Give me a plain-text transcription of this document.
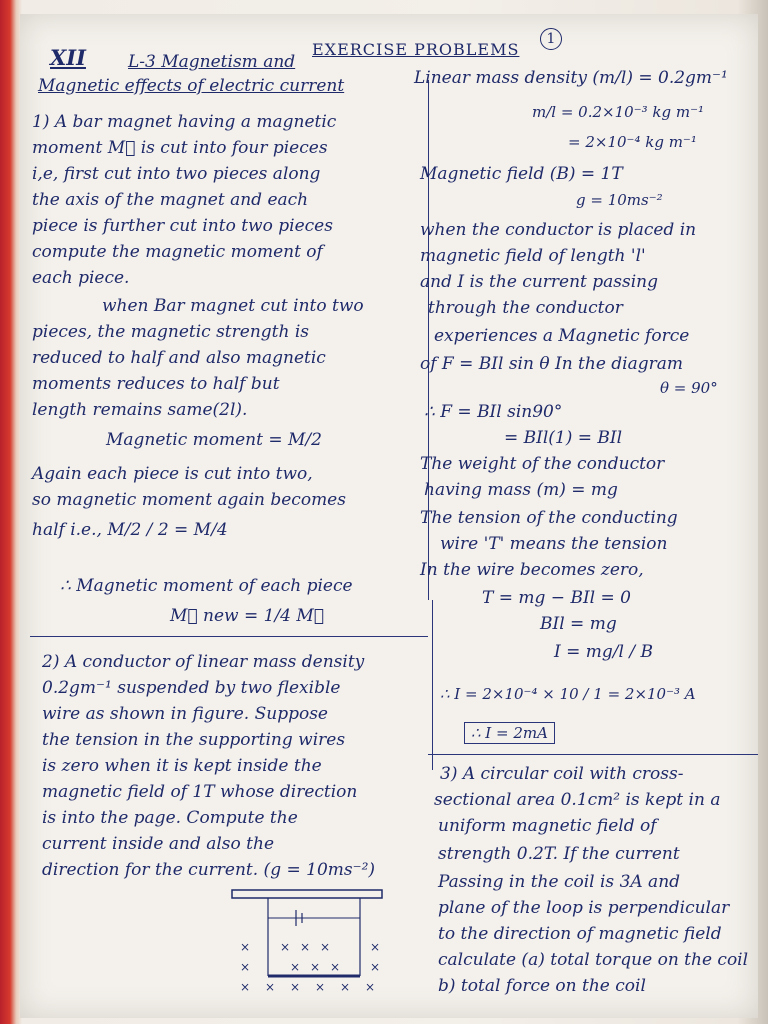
1
XII L-3 Magnetism and
EXERCISE PROBLEMS
Magnetic effects of electric current
1) A bar magnet having a magnetic
moment M⃗ is cut into four pieces
i,e, first cut into two pieces along
the axis of the magnet and each
piece is further cut into two pieces
compute the magnetic moment of
each piece.
when Bar magnet cut into two
pieces, the magnetic strength is
reduced to half and also magnetic
moments reduces to half but
length remains same(2l).
Magnetic moment = M/2
Again each piece is cut into two,
so magnetic moment again becomes
half i.e., M/2 / 2 = M/4
∴ Magnetic moment of each piece
M⃗ new = 1/4 M⃗
2) A conductor of linear mass density
0.2gm⁻¹ suspended by two flexible
wire as shown in figure. Suppose
the tension in the supporting wires
is zero when it is kept inside the
magnetic field of 1T whose direction
is into the page. Compute the
current inside and also the
direction for the current. (g = 10ms⁻²)
× × × ×	×
×	× × × ×
× × × × × ×
Linear mass density (m/l) = 0.2gm⁻¹
m/l = 0.2×10⁻³ kg m⁻¹
= 2×10⁻⁴ kg m⁻¹
Magnetic field (B) = 1T
g = 10ms⁻²
when the conductor is placed in
magnetic field of length 'l'
and I is the current passing
through the conductor
experiences a Magnetic force
of F = BIl sin θ In the diagram
θ = 90°
∴ F = BIl sin90°
= BIl(1) = BIl
The weight of the conductor
having mass (m) = mg
The tension of the conducting
wire 'T' means the tension
In the wire becomes zero,
T = mg − BIl = 0
BIl = mg
I = mg/l / B
∴ I = 2×10⁻⁴ × 10 / 1 = 2×10⁻³ A
∴ I = 2mA
3) A circular coil with cross-
sectional area 0.1cm² is kept in a
uniform magnetic field of
strength 0.2T. If the current
Passing in the coil is 3A and
plane of the loop is perpendicular
to the direction of magnetic field
calculate (a) total torque on the coil
b) total force on the coil
